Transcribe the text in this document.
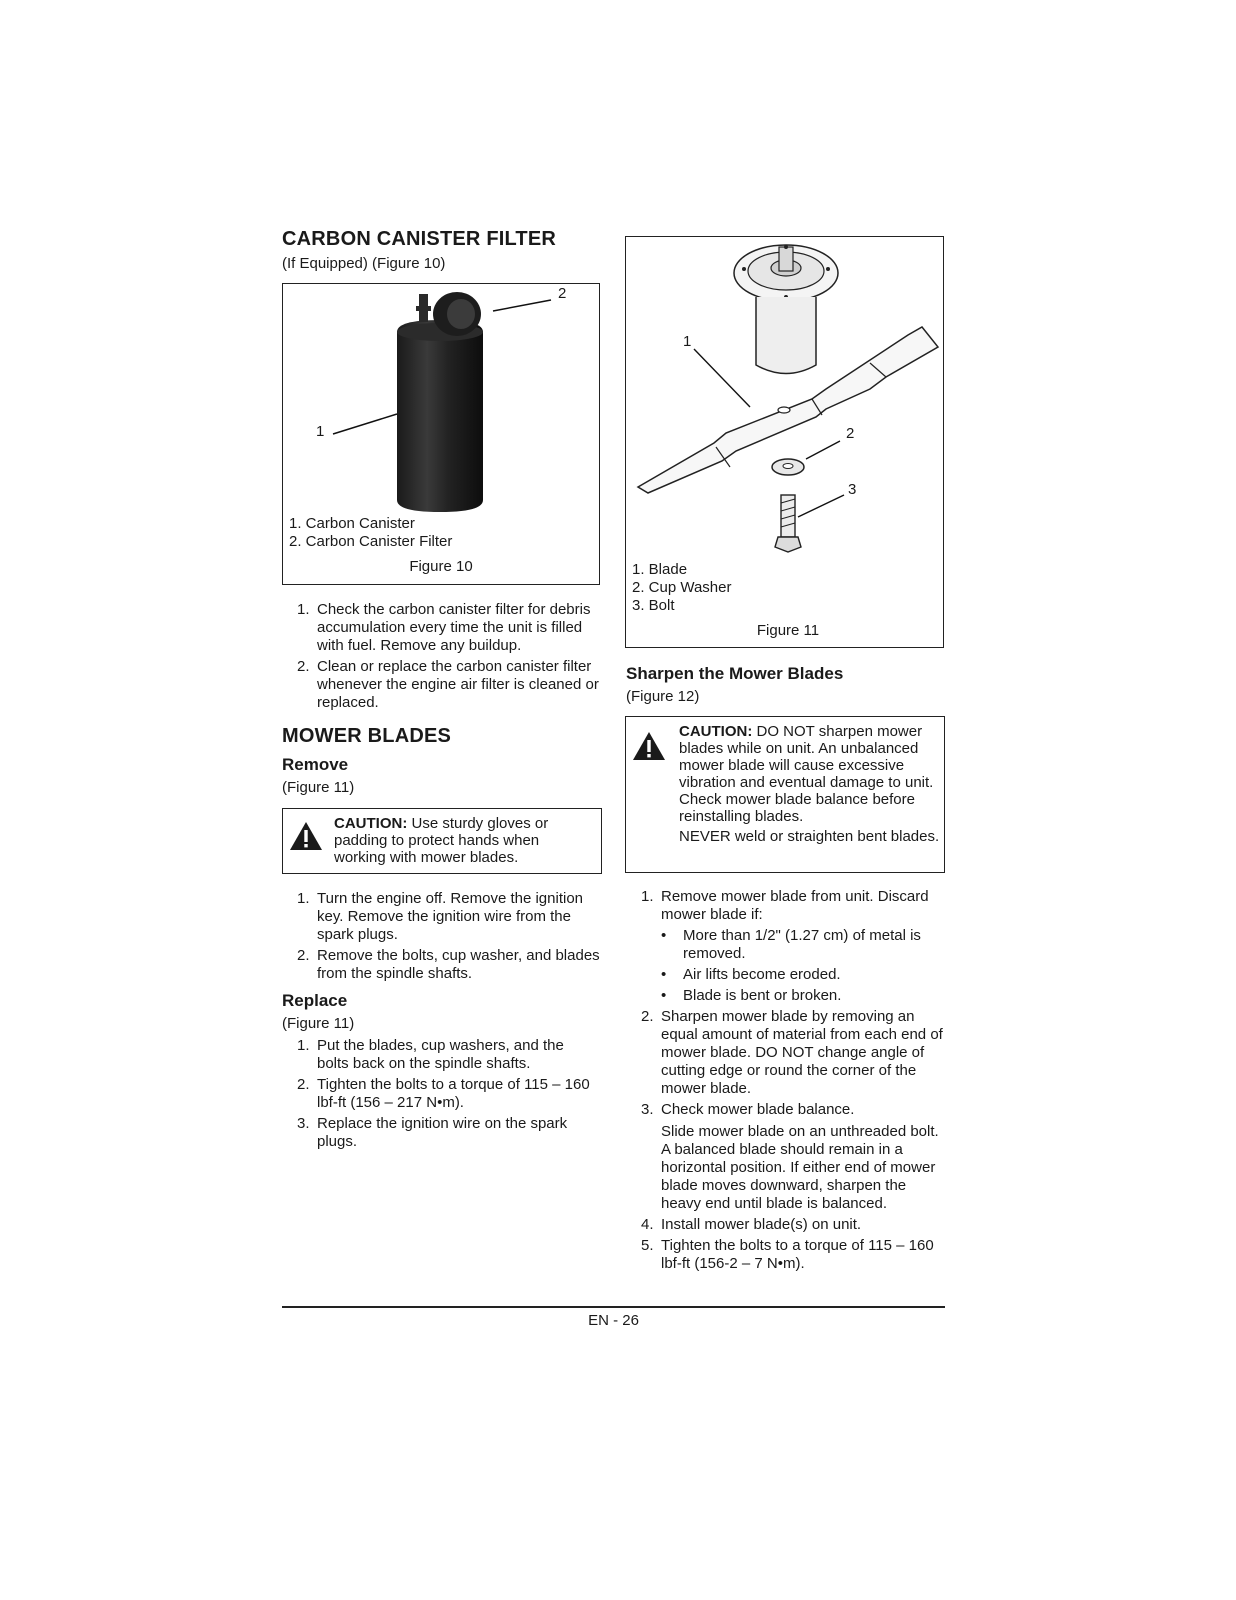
CARBON CANISTER FILTER
(If Equipped) (Figure 10)
2
1
1. Carbon Canister
2. Carbon Canister Filter
Figure 10
1. Check the carbon canister filter for debris accumulation every time the unit is filled with fuel. Remove any buildup.
2. Clean or replace the carbon canister filter whenever the engine air filter is cleaned or replaced.
MOWER BLADES
Remove
(Figure 11)
CAUTION: Use sturdy gloves or padding to protect hands when working with mower blades.
1. Turn the engine off. Remove the ignition key. Remove the ignition wire from the spark plugs.
2. Remove the bolts, cup washer, and blades from the spindle shafts.
Replace
(Figure 11)
1. Put the blades, cup washers, and the bolts back on the spindle shafts.
2. Tighten the bolts to a torque of 115 – 160 lbf-ft (156 – 217 N•m).
3. Replace the ignition wire on the spark plugs.
1
2
3
1. Blade
2. Cup Washer
3. Bolt
Figure 11
Sharpen the Mower Blades
(Figure 12)
CAUTION: DO NOT sharpen mower blades while on unit. An unbalanced mower blade will cause excessive vibration and eventual damage to unit. Check mower blade balance before reinstalling blades.
NEVER weld or straighten bent blades.
1. Remove mower blade from unit. Discard mower blade if:
• More than 1/2" (1.27 cm) of metal is removed.
• Air lifts become eroded.
• Blade is bent or broken.
2. Sharpen mower blade by removing an equal amount of material from each end of mower blade. DO NOT change angle of cutting edge or round the corner of the mower blade.
3. Check mower blade balance.
Slide mower blade on an unthreaded bolt. A balanced blade should remain in a horizontal position. If either end of mower blade moves downward, sharpen the heavy end until blade is balanced.
4. Install mower blade(s) on unit.
5. Tighten the bolts to a torque of 115 – 160 lbf-ft (156-2 – 7 N•m).
EN - 26
